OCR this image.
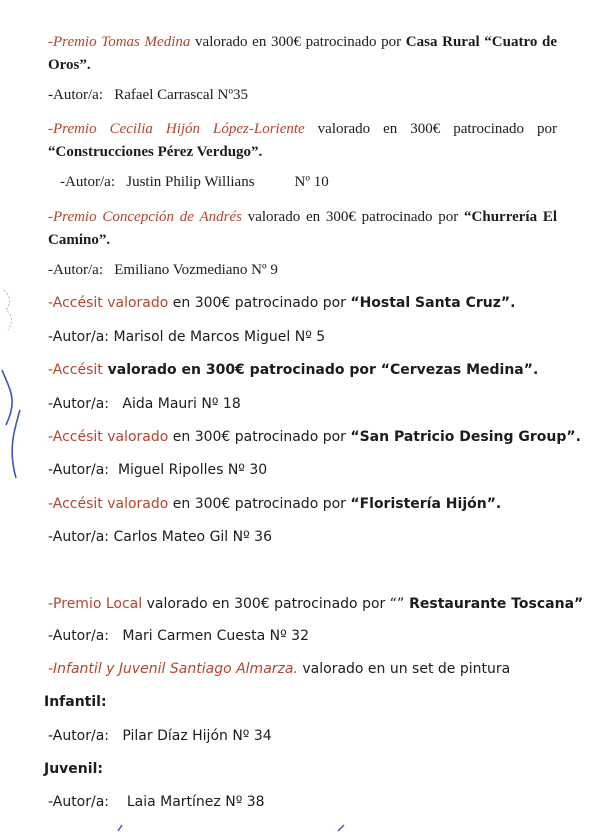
-Premio Tomas Medina valorado en 300€ patrocinado por Casa Rural “Cuatro de Oros”.
-Autor/a: Rafael Carrascal Nº35
-Premio Cecilia Hijón López-Loriente valorado en 300€ patrocinado por “Construcciones Pérez Verdugo”.
-Autor/a: Justin Philip Willians	Nº 10
-Premio Concepción de Andrés valorado en 300€ patrocinado por “Churrería El Camino”.
-Autor/a: Emiliano Vozmediano Nº 9
-Accésit valorado en 300€ patrocinado por “Hostal Santa Cruz”.
-Autor/a: Marisol de Marcos Miguel Nº 5
-Accésit valorado en 300€ patrocinado por “Cervezas Medina”.
-Autor/a: Aida Mauri Nº 18
-Accésit valorado en 300€ patrocinado por “San Patricio Desing Group”.
-Autor/a: Miguel Ripolles Nº 30
-Accésit valorado en 300€ patrocinado por “Floristería Hijón”.
-Autor/a: Carlos Mateo Gil Nº 36
-Premio Local valorado en 300€ patrocinado por “” Restaurante Toscana”
-Autor/a: Mari Carmen Cuesta Nº 32
-Infantil y Juvenil Santiago Almarza. valorado en un set de pintura
Infantil:
-Autor/a: Pilar Díaz Hijón Nº 34
Juvenil:
-Autor/a: Laia Martínez Nº 38
